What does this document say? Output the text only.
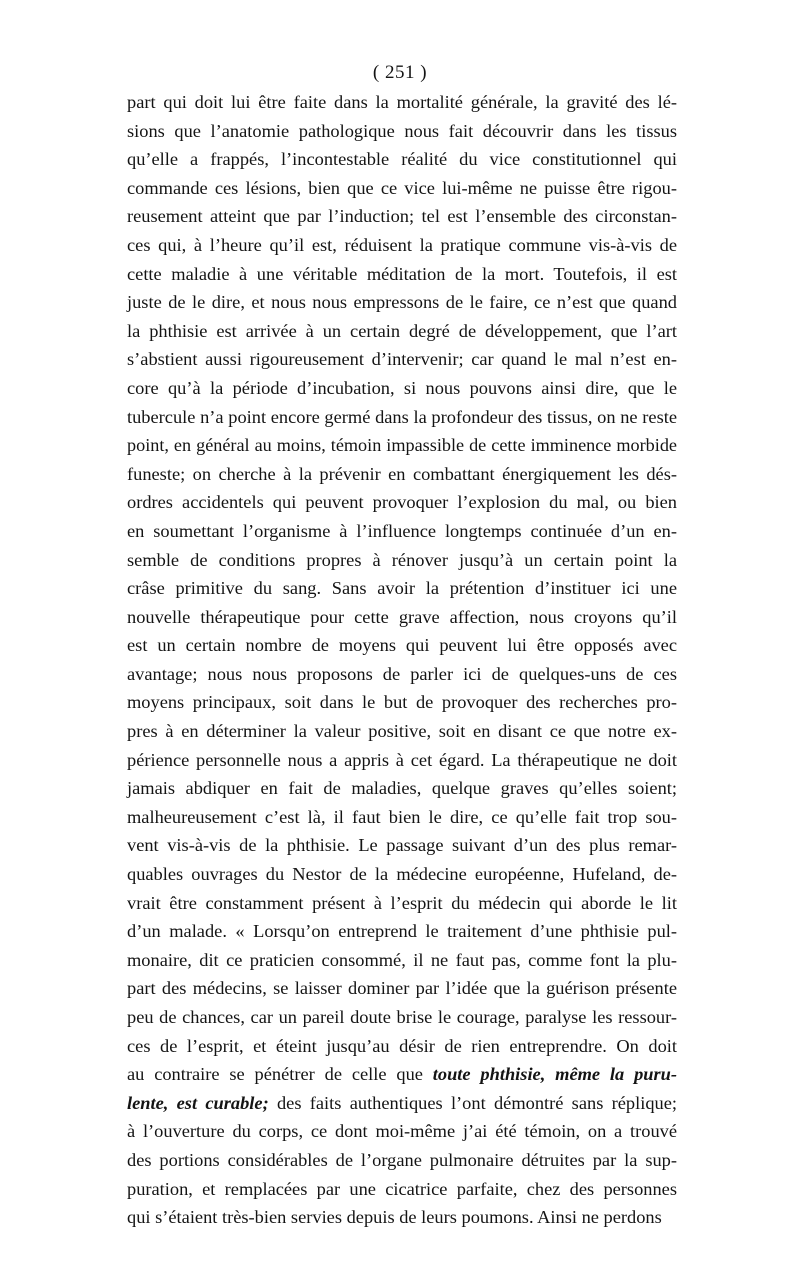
( 251 )
part qui doit lui être faite dans la mortalité générale, la gravité des lé-
sions que l’anatomie pathologique nous fait découvrir dans les tissus
qu’elle a frappés, l’incontestable réalité du vice constitutionnel qui
commande ces lésions, bien que ce vice lui-même ne puisse être rigou-
reusement atteint que par l’induction; tel est l’ensemble des circonstan-
ces qui, à l’heure qu’il est, réduisent la pratique commune vis-à-vis de
cette maladie à une véritable méditation de la mort. Toutefois, il est
juste de le dire, et nous nous empressons de le faire, ce n’est que quand
la phthisie est arrivée à un certain degré de développement, que l’art
s’abstient aussi rigoureusement d’intervenir; car quand le mal n’est en-
core qu’à la période d’incubation, si nous pouvons ainsi dire, que le
tubercule n’a point encore germé dans la profondeur des tissus, on ne reste
point, en général au moins, témoin impassible de cette imminence morbide
funeste; on cherche à la prévenir en combattant énergiquement les dés-
ordres accidentels qui peuvent provoquer l’explosion du mal, ou bien
en soumettant l’organisme à l’influence longtemps continuée d’un en-
semble de conditions propres à rénover jusqu’à un certain point la
crâse primitive du sang. Sans avoir la prétention d’instituer ici une
nouvelle thérapeutique pour cette grave affection, nous croyons qu’il
est un certain nombre de moyens qui peuvent lui être opposés avec
avantage; nous nous proposons de parler ici de quelques-uns de ces
moyens principaux, soit dans le but de provoquer des recherches pro-
pres à en déterminer la valeur positive, soit en disant ce que notre ex-
périence personnelle nous a appris à cet égard. La thérapeutique ne doit
jamais abdiquer en fait de maladies, quelque graves qu’elles soient;
malheureusement c’est là, il faut bien le dire, ce qu’elle fait trop sou-
vent vis-à-vis de la phthisie. Le passage suivant d’un des plus remar-
quables ouvrages du Nestor de la médecine européenne, Hufeland, de-
vrait être constamment présent à l’esprit du médecin qui aborde le lit
d’un malade. « Lorsqu’on entreprend le traitement d’une phthisie pul-
monaire, dit ce praticien consommé, il ne faut pas, comme font la plu-
part des médecins, se laisser dominer par l’idée que la guérison présente
peu de chances, car un pareil doute brise le courage, paralyse les ressour-
ces de l’esprit, et éteint jusqu’au désir de rien entreprendre. On doit
au contraire se pénétrer de celle que toute phthisie, même la puru-
lente, est curable; des faits authentiques l’ont démontré sans réplique;
à l’ouverture du corps, ce dont moi-même j’ai été témoin, on a trouvé
des portions considérables de l’organe pulmonaire détruites par la sup-
puration, et remplacées par une cicatrice parfaite, chez des personnes
qui s’étaient très-bien servies depuis de leurs poumons. Ainsi ne perdons
